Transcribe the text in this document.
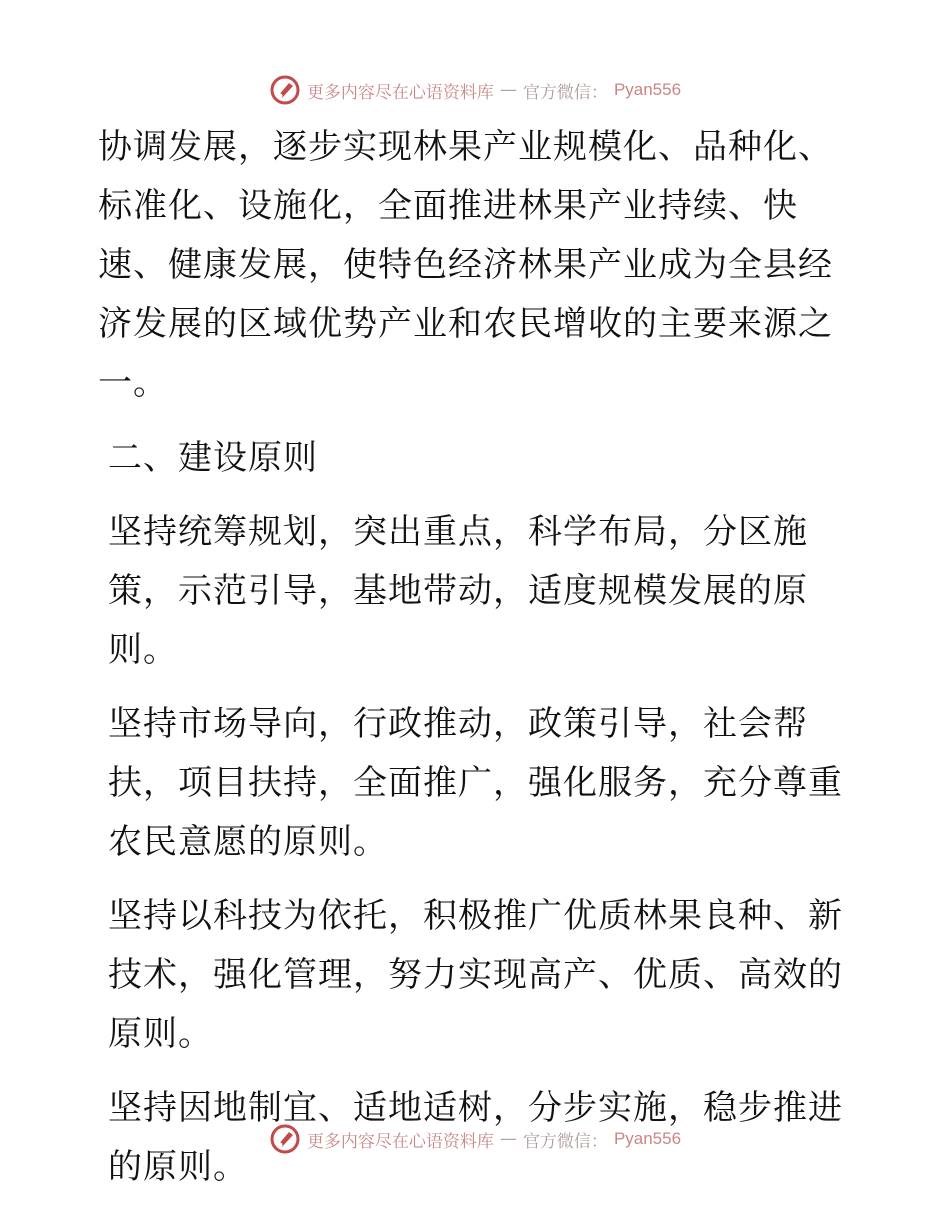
更多内容尽在心语资料库 — 官方微信： Pyan556

协调发展，逐步实现林果产业规模化、品种化、标准化、设施化，全面推进林果产业持续、快速、健康发展，使特色经济林果产业成为全县经济发展的区域优势产业和农民增收的主要来源之一。

二、建设原则

坚持统筹规划，突出重点，科学布局，分区施策，示范引导，基地带动，适度规模发展的原则。

坚持市场导向，行政推动，政策引导，社会帮扶，项目扶持，全面推广，强化服务，充分尊重农民意愿的原则。

坚持以科技为依托，积极推广优质林果良种、新技术，强化管理，努力实现高产、优质、高效的原则。

坚持因地制宜、适地适树，分步实施，稳步推进的原则。

更多内容尽在心语资料库 — 官方微信： Pyan556
